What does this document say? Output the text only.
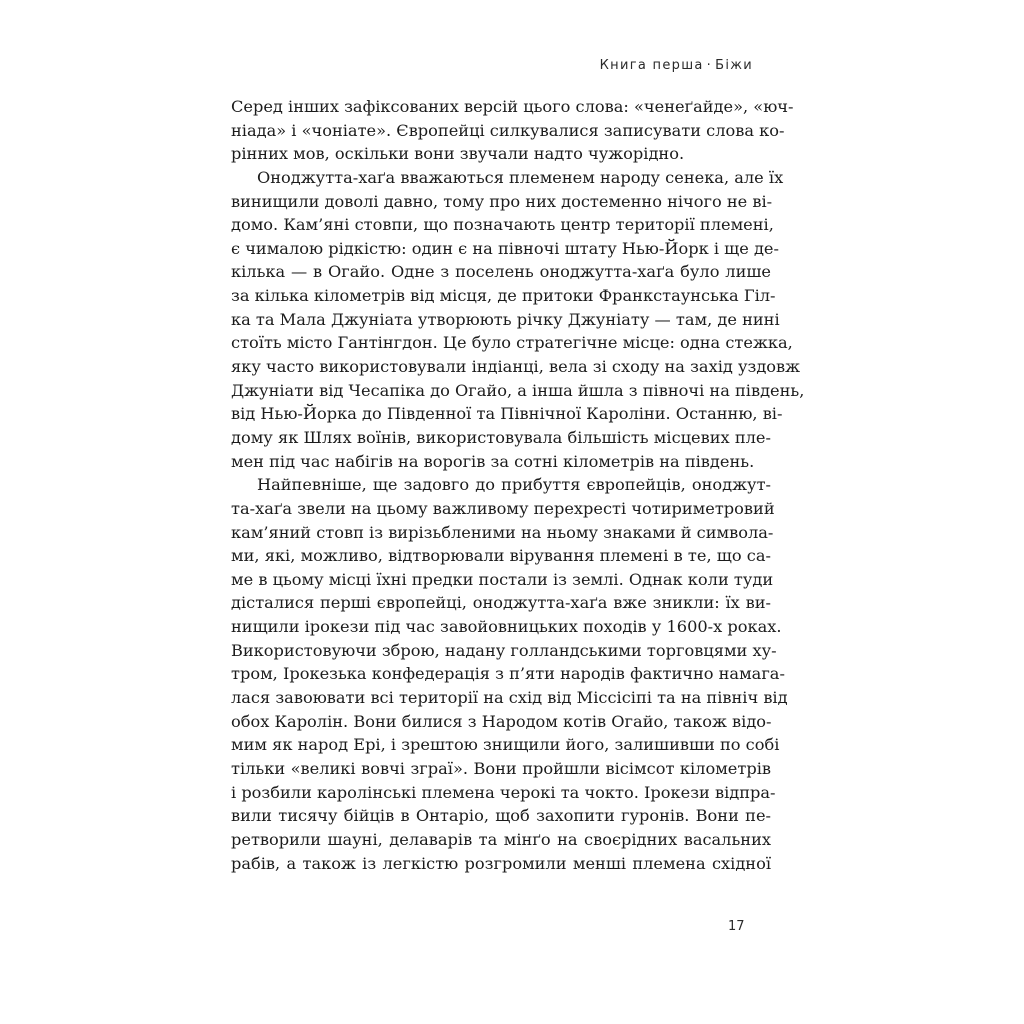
Книга перша · Біжи
Серед інших зафіксованих версій цього слова: «ченеґайде», «юч-
ніада» і «чоніате». Європейці силкувалися записувати слова ко-
рінних мов, оскільки вони звучали надто чужорідно.
Оноджутта-хаґа вважаються племенем народу сенека, але їх
винищили доволі давно, тому про них достеменно нічого не ві-
домо. Кам’яні стовпи, що позначають центр території племені,
є чималою рідкістю: один є на півночі штату Нью-Йорк і ще де-
кілька — в Огайо. Одне з поселень оноджутта-хаґа було лише
за кілька кілометрів від місця, де притоки Франкстаунська Гіл-
ка та Мала Джуніата утворюють річку Джуніату — там, де нині
стоїть місто Гантінгдон. Це було стратегічне місце: одна стежка,
яку часто використовували індіанці, вела зі сходу на захід уздовж
Джуніати від Чесапіка до Огайо, а інша йшла з півночі на південь,
від Нью-Йорка до Південної та Північної Кароліни. Останню, ві-
дому як Шлях воїнів, використовувала більшість місцевих пле-
мен під час набігів на ворогів за сотні кілометрів на південь.
Найпевніше, ще задовго до прибуття європейців, оноджут-
та-хаґа звели на цьому важливому перехресті чотириметровий
кам’яний стовп із вирізьбленими на ньому знаками й символа-
ми, які, можливо, відтворювали вірування племені в те, що са-
ме в цьому місці їхні предки постали із землі. Однак коли туди
дісталися перші європейці, оноджутта-хаґа вже зникли: їх ви-
нищили ірокези під час завойовницьких походів у 1600-х роках.
Використовуючи зброю, надану голландськими торговцями ху-
тром, Ірокезька конфедерація з п’яти народів фактично намага-
лася завоювати всі території на схід від Міссісіпі та на північ від
обох Каролін. Вони билися з Народом котів Огайо, також відо-
мим як народ Ері, і зрештою знищили його, залишивши по собі
тільки «великі вовчі зграї». Вони пройшли вісімсот кілометрів
і розбили каролінські племена черокі та чокто. Ірокези відпра-
вили тисячу бійців в Онтаріо, щоб захопити гуронів. Вони пе-
ретворили шауні, делаварів та мінґо на своєрідних васальних
рабів, а також із легкістю розгромили менші племена східної
17
